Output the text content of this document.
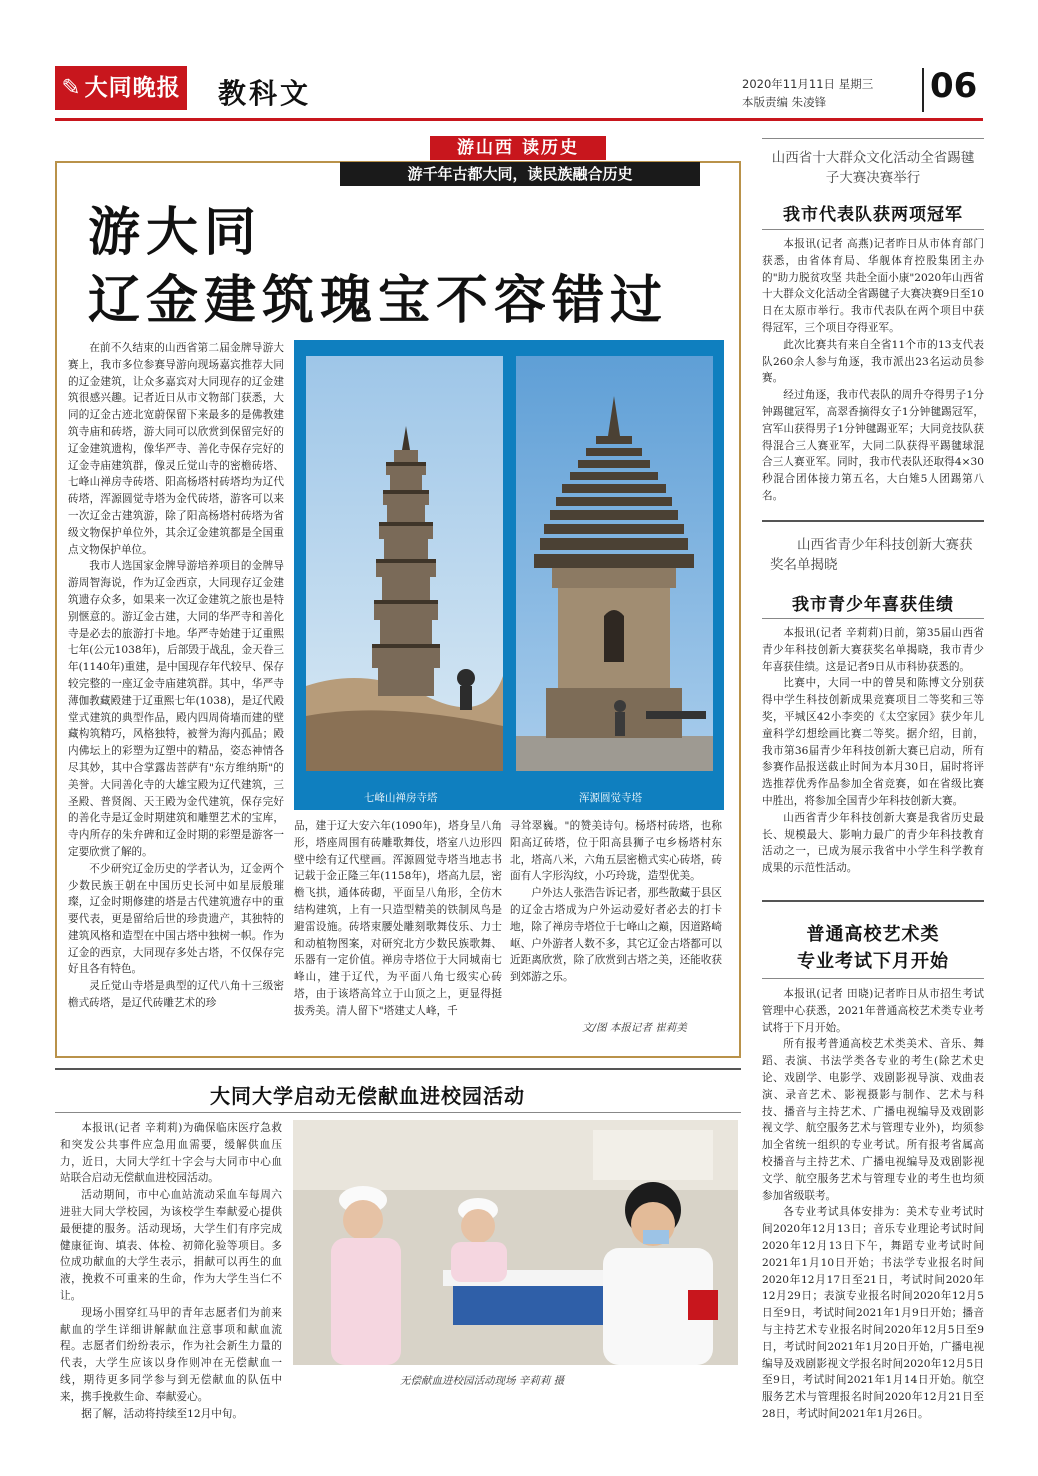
✎ 大同晚报 教科文	2020年11月11日 星期三
本版责编 朱凌锋	06
游山西 读历史
游千年古都大同，读民族融合历史
游大同
辽金建筑瑰宝不容错过

在前不久结束的山西省第二届金牌导游大赛上，我市多位参赛导游向现场嘉宾推荐大同的辽金建筑，让众多嘉宾对大同现存的辽金建筑很感兴趣。记者近日从市文物部门获悉，大同的辽金古迹北宽蔚保留下来最多的是佛教建筑寺庙和砖塔，游大同可以欣赏到保留完好的辽金建筑遗构，像华严寺、善化寺保存完好的辽金寺庙建筑群，像灵丘觉山寺的密檐砖塔、七峰山禅房寺砖塔、阳高杨塔村砖塔均为辽代砖塔，浑源圆觉寺塔为金代砖塔，游客可以来一次辽金古建筑游，除了阳高杨塔村砖塔为省级文物保护单位外，其余辽金建筑都是全国重点文物保护单位。

我市人选国家金牌导游培养项目的金牌导游周智海说，作为辽金西京，大同现存辽金建筑遗存众多，如果来一次辽金建筑之旅也是特别惬意的。游辽金古建，大同的华严寺和善化寺是必去的旅游打卡地。华严寺始建于辽重熙七年(公元1038年)，后部毁于战乱，金天眷三年(1140年)重建，是中国现存年代较早、保存较完整的一座辽金寺庙建筑群。其中，华严寺薄伽教藏殿建于辽重熙七年(1038)，是辽代殿堂式建筑的典型作品，殿内四周倚墙而建的壁藏构筑精巧，风格独特，被誉为海内孤品；殿内佛坛上的彩塑为辽塑中的精品，姿态神情各尽其妙，其中合掌露齿菩萨有"东方维纳斯"的美誉。大同善化寺的大雄宝殿为辽代建筑，三圣殿、普贤阁、天王殿为金代建筑，保存完好的善化寺是辽金时期建筑和雕塑艺术的宝库，寺内所存的朱弁碑和辽金时期的彩塑是游客一定要欣赏了解的。

不少研究辽金历史的学者认为，辽金两个少数民族王朝在中国历史长河中如星辰般璀璨，辽金时期修建的塔是古代建筑遗存中的重要代表，更是留给后世的珍贵遗产，其独特的建筑风格和造型在中国古塔中独树一帜。作为辽金的西京，大同现存多处古塔，不仅保存完好且各有特色。

灵丘觉山寺塔是典型的辽代八角十三级密檐式砖塔，是辽代砖雕艺术的珍

七峰山禅房寺塔	浑源圆觉寺塔

品，建于辽大安六年(1090年)，塔身呈八角形，塔座周围有砖雕歌舞伎，塔室八边形四壁中绘有辽代壁画。浑源圆觉寺塔当地志书记载于金正隆三年(1158年)，塔高九层，密檐飞拱，通体砖砌，平面呈八角形，全仿木结构建筑，上有一只造型精美的铁制凤鸟是避雷设施。砖塔束腰处雕刻歌舞伎乐、力士和动植物图案，对研究北方少数民族歌舞、乐器有一定价值。禅房寺塔位于大同城南七峰山，建于辽代，为平面八角七级实心砖塔，由于该塔高耸立于山顶之上，更显得挺拔秀美。清人留下"塔建丈人峰，千

寻耸翠巍。"的赞美诗句。杨塔村砖塔，也称阳高辽砖塔，位于阳高县狮子屯乡杨塔村东北，塔高八米，六角五层密檐式实心砖塔，砖面有人字形沟纹，小巧玲珑，造型优美。

户外达人张浩告诉记者，那些散藏于县区的辽金古塔成为户外运动爱好者必去的打卡地，除了禅房寺塔位于七峰山之巅，因道路崎岖、户外游者人数不多，其它辽金古塔都可以近距离欣赏，除了欣赏到古塔之美，还能收获到郊游之乐。

文/图 本报记者 崔莉美
山西省十大群众文化活动全省踢毽子大赛决赛举行
我市代表队获两项冠军

本报讯(记者 高燕)记者昨日从市体育部门获悉，由省体育局、华舰体育控股集团主办的"助力脱贫攻坚 共赴全面小康"2020年山西省十大群众文化活动全省踢毽子大赛决赛9日至10日在太原市举行。我市代表队在两个项目中获得冠军，三个项目夺得亚军。

此次比赛共有来自全省11个市的13支代表队260余人参与角逐，我市派出23名运动员参赛。

经过角逐，我市代表队的周升夺得男子1分钟踢毽冠军，高翠香摘得女子1分钟毽踢冠军，宫军山获得男子1分钟毽踢亚军；大同竞技队获得混合三人赛亚军，大同二队获得平踢毽球混合三人赛亚军。同时，我市代表队还取得4×30秒混合团体接力第五名，大白雉5人团踢第八名。

山西省青少年科技创新大赛获奖名单揭晓
我市青少年喜获佳绩

本报讯(记者 辛莉莉)日前，第35届山西省青少年科技创新大赛获奖名单揭晓，我市青少年喜获佳绩。这是记者9日从市科协获悉的。

比赛中，大同一中的曾昊和陈博文分别获得中学生科技创新成果竞赛项目二等奖和三等奖，平城区42小李奕的《太空家园》获少年儿童科学幻想绘画比赛二等奖。据介绍，目前，我市第36届青少年科技创新大赛已启动，所有参赛作品报送截止时间为本月30日，届时将评选推荐优秀作品参加全省竞赛，如在省级比赛中胜出，将参加全国青少年科技创新大赛。

山西省青少年科技创新大赛是我省历史最长、规模最大、影响力最广的青少年科技教育活动之一，已成为展示我省中小学生科学教育成果的示范性活动。

普通高校艺术类
专业考试下月开始

本报讯(记者 田晓)记者昨日从市招生考试管理中心获悉，2021年普通高校艺术类专业考试将于下月开始。

所有报考普通高校艺术类美术、音乐、舞蹈、表演、书法学类各专业的考生(除艺术史论、戏剧学、电影学、戏剧影视导演、戏曲表演、录音艺术、影视摄影与制作、艺术与科技、播音与主持艺术、广播电视编导及戏剧影视文学、航空服务艺术与管理专业外)，均须参加全省统一组织的专业考试。所有报考省属高校播音与主持艺术、广播电视编导及戏剧影视文学、航空服务艺术与管理专业的考生也均须参加省级联考。

各专业考试具体安排为：美术专业考试时间2020年12月13日；音乐专业理论考试时间2020年12月13日下午，舞蹈专业考试时间2021年1月10日开始；书法学专业报名时间2020年12月17日至21日，考试时间2020年12月29日；表演专业报名时间2020年12月5日至9日，考试时间2021年1月9日开始；播音与主持艺术专业报名时间2020年12月5日至9日，考试时间2021年1月20日开始，广播电视编导及戏剧影视文学报名时间2020年12月5日至9日，考试时间2021年1月14日开始。航空服务艺术与管理报名时间2020年12月21日至28日，考试时间2021年1月26日。

大同大学启动无偿献血进校园活动

本报讯(记者 辛莉莉)为确保临床医疗急救和突发公共事件应急用血需要，缓解供血压力，近日，大同大学红十字会与大同市中心血站联合启动无偿献血进校园活动。

活动期间，市中心血站流动采血车每周六进驻大同大学校园，为该校学生奉献爱心提供最便捷的服务。活动现场，大学生们有序完成健康征询、填表、体检、初筛化验等项目。多位成功献血的大学生表示，捐献可以再生的血液，挽救不可重来的生命，作为大学生当仁不让。

现场小围穿红马甲的青年志愿者们为前来献血的学生详细讲解献血注意事项和献血流程。志愿者们纷纷表示，作为社会新生力量的代表，大学生应该以身作则冲在无偿献血一线，期待更多同学参与到无偿献血的队伍中来，携手挽救生命、奉献爱心。

据了解，活动将持续至12月中旬。

无偿献血进校园活动现场 辛莉莉 摄
